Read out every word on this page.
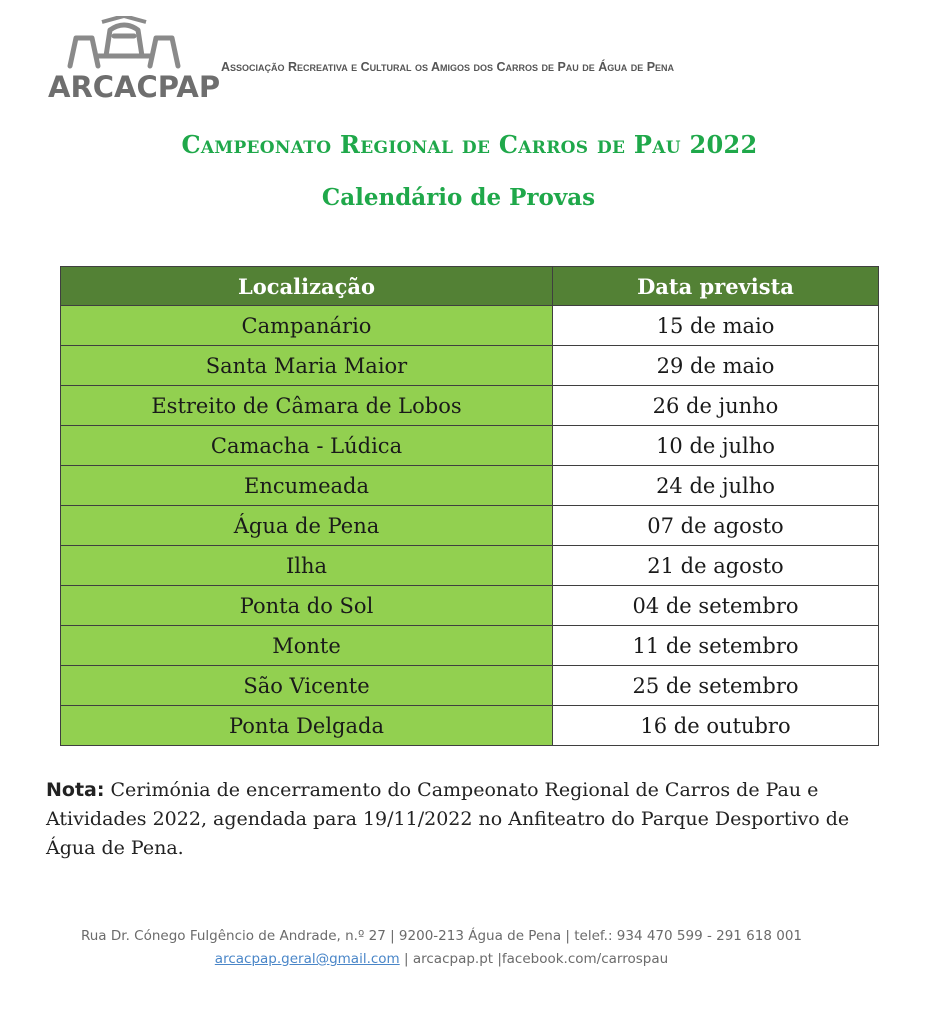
ARCACPAP
Associação Recreativa e Cultural os Amigos dos Carros de Pau de Água de Pena
Campeonato Regional de Carros de Pau 2022
Calendário de Provas
Localização	Data prevista
Campanário	15 de maio
Santa Maria Maior	29 de maio
Estreito de Câmara de Lobos	26 de junho
Camacha - Lúdica	10 de julho
Encumeada	24 de julho
Água de Pena	07 de agosto
Ilha	21 de agosto
Ponta do Sol	04 de setembro
Monte	11 de setembro
São Vicente	25 de setembro
Ponta Delgada	16 de outubro
Nota: Cerimónia de encerramento do Campeonato Regional de Carros de Pau e Atividades 2022, agendada para 19/11/2022 no Anfiteatro do Parque Desportivo de Água de Pena.
Rua Dr. Cónego Fulgêncio de Andrade, n.º 27 | 9200-213 Água de Pena | telef.: 934 470 599 - 291 618 001
arcacpap.geral@gmail.com | arcacpap.pt |facebook.com/carrospau
